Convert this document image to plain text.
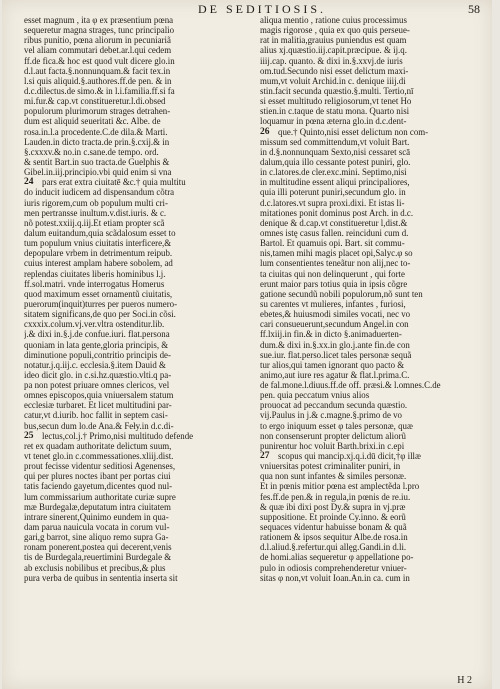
DE SEDITIOSIS.	58
esset magnum , ita φ ex præsentium pœna
sequeretur magna strages, tunc principalio
ribus punitio, pœna aliorum in pecuniariã
vel aliam commutari debet.ar.l.qui cedem
ff.de fica.& hoc est quod vult dicere glo.in
d.l.aut facta.§.nonnunquam.& facit tex.in
l.si quis aliquid.§.authores.ff.de pen. & in
d.c.dilectus.de simo.& in l.i.familia.ff.si fa
mi.fur.& cap.vt constitueretur.l.di.obsed
populorum plurimorum strages detrahen-
dum est aliquid seueritati &c. Albe. de
rosa.in.l.a procedente.C.de dila.& Marti.
Lauden.in dicto tracta.de prin.§.cxij.& in
§.cxxxv.& no.in c.sane.de tempo. ord.
& sentit Bart.in suo tracta.de Guelphis &
Gibel.in.iij.principio.vbi quid enim si vna
24 pars erat extra ciuitatē &c.† quia multitu
do inducit iudicem ad dispensandum cõtra
iuris rigorem,cum ob populum multi cri-
men pertransse inultum.v.dist.iuris. & c.
nõ potest.xxiij.q.iij.Et etiam propter scã
dalum euitandum,quia scãdalosum esset to
tum populum vnius ciuitatis interficere,&
depopulare vrbem in detrimentum reipub.
cuius interest amplam habere sobolem, ad
replendas ciuitates liberis hominibus l.j.
ff.sol.matri. vnde interrogatus Homerus
quod maximum esset ornamentũ ciuitatis,
puerorum(inquit)turres per pueros numero-
sitatem significans,de quo per Soci.in cõsi.
cxxxix.colum.vj.ver.vltra ostenditur.lib.
j.& dixi in.§.j.de confue.iuri. flat.persona
quoniam in lata gente,gloria principis, &
diminutione populi,contritio principis de-
notatur.j.q.iij.c. ecclesia.§.item Dauid &
ideo dicit glo. in c.si.hz.quæstio.vlti.q pa-
pa non potest priuare omnes clericos, vel
omnes episcopos,quia vniuersalem statum
ecclesiæ turbaret. Et licet multitudini par-
catur,vt d.iurib. hoc fallit in septem casi-
bus,secun dum lo.de Ana.& Feły.in d.c.di-
25 lectus,col.j.† Primo,nisi multitudo defende
ret ex quadam authoritate delictum suum,
vt tenet glo.in c.commessationes.xliij.dist.
prout fecisse videntur seditiosi Agenenses,
qui per plures noctes ibant per portas ciui
tatis faciendo gayetum,dicentes quod nul-
lum commissarium authoritate curiæ supre
mæ Burdegalæ,deputatum intra ciuitatem
intrare sinerent,Quinimo eundem in qua-
dam parua nauicula vocata in corum vul-
gari,g barrot, sine aliquo remo supra Ga-
ronam ponerent,postea qui decerent,venis
tis de Burdegala,reuertimini Burdegale &
ab exclusis nobilibus et precibus,& plus
pura verba de quibus in sententia inserta sit
aliqua mentio , ratione cuius processimus
magis rigorose , quia ex quo quis perseue-
rat in malitia,grauius puniendus est quam
alius xj.quæstio.iij.capit.præcipue. & ij.q.
iiij.cap. quanto. & dixi in.§.xxvj.de iuris
om.tud.Secundo nisi esset delictum maxi-
mum,vt voluit Archid.in c. denique iiij.di
stin.facit secunda quæstio.§.multi. Tertio,nī
si esset multitudo religiosorum,vt tenet Ho
stien.in c.taque de statu mona. Quarto nisi
loquamur in pœna æterna glo.in d.c.dent-
26 que.† Quinto,nisi esset delictum non com-
missum sed committendum,vt voluit Bart.
in d.§.nonnunquam Sexto,nisi cessaret scā
dalum,quia illo cessante potest puniri, glo.
in c.latores.de cler.exc.mini. Septimo,nisi
in multitudine essent aliqui principaliores,
quia illi poterunt puniri,secundum glo. in
d.c.latores.vt supra proxi.dixi. Et istas li-
mitationes ponit dominus post Arch. in d.c.
denique & d.cap.vt constitueretur l,dist.&
omnes istę casus fallen. reinciduni cum d.
Bartol. Et quamuis opi. Bart. sit commu-
nis,tamen mihi magis placet opi,Salyc.φ so
lum consentientes teneãtur non alij,nec to-
ta ciuitas qui non delinquerunt , qui forte
erunt maior pars totius quia in ipsis cõgre
gatione secundũ nobili populorum,nõ sunt ten
su carentes vt mulieres, infantes , furiosi,
ebetes,& huiusmodi similes vocati, nec vo
cari consueuerunt,secundum Angel.in con
ff.lxiij.in fin.& in dicto §.animaduerten-
dum.& dixi in.§.xx.in glo.j.ante fin.de con
sue.iur. flat.perso.licet tales personæ sequã
tur alios,qui tamen ignorant quo pacto &
animo,aut iure res agatur & flat.l.prima.C.
de fal.mone.l.diuus.ff.de off. præsi.& l.omnes.C.de
pen. quia peccatum vnius alios
prouocat ad peccandum secunda quæstio.
vij.Paulus in j.& c.magne.§.primo de vo
to ergo iniquum esset φ tales personæ, quæ
non consenserunt propter delictum aliorũ
punirentur hoc voluit Barth.brixi.in c.epi
27 scopus qui mancip.xj.q.i.dū dicit,†φ illæ
vniuersitas potest criminaliter puniri, in
qua non sunt infantes & similes personæ.
Et in pœnis mitior pœna est amplectẽda l.pro
fes.ff.de pen.& in regula,in pœnis de re.iu.
& quæ ibi dixi post Dy.& supra in vj.præ
suppositione. Et proinde Cy.inno. & eorũ
sequaces videntur habuisse bonam & quã
rationem & ipsos sequitur Albe.de rosa.in
d.l.aliud.§.refertur.qui allęg.Gandi.in d.li.
de homi.alias sequeretur φ appellatione po-
pulo in odiosis comprehenderetur vniuer-
sitas φ non,vt voluit Ioan.An.in ca. cum in
H 2
